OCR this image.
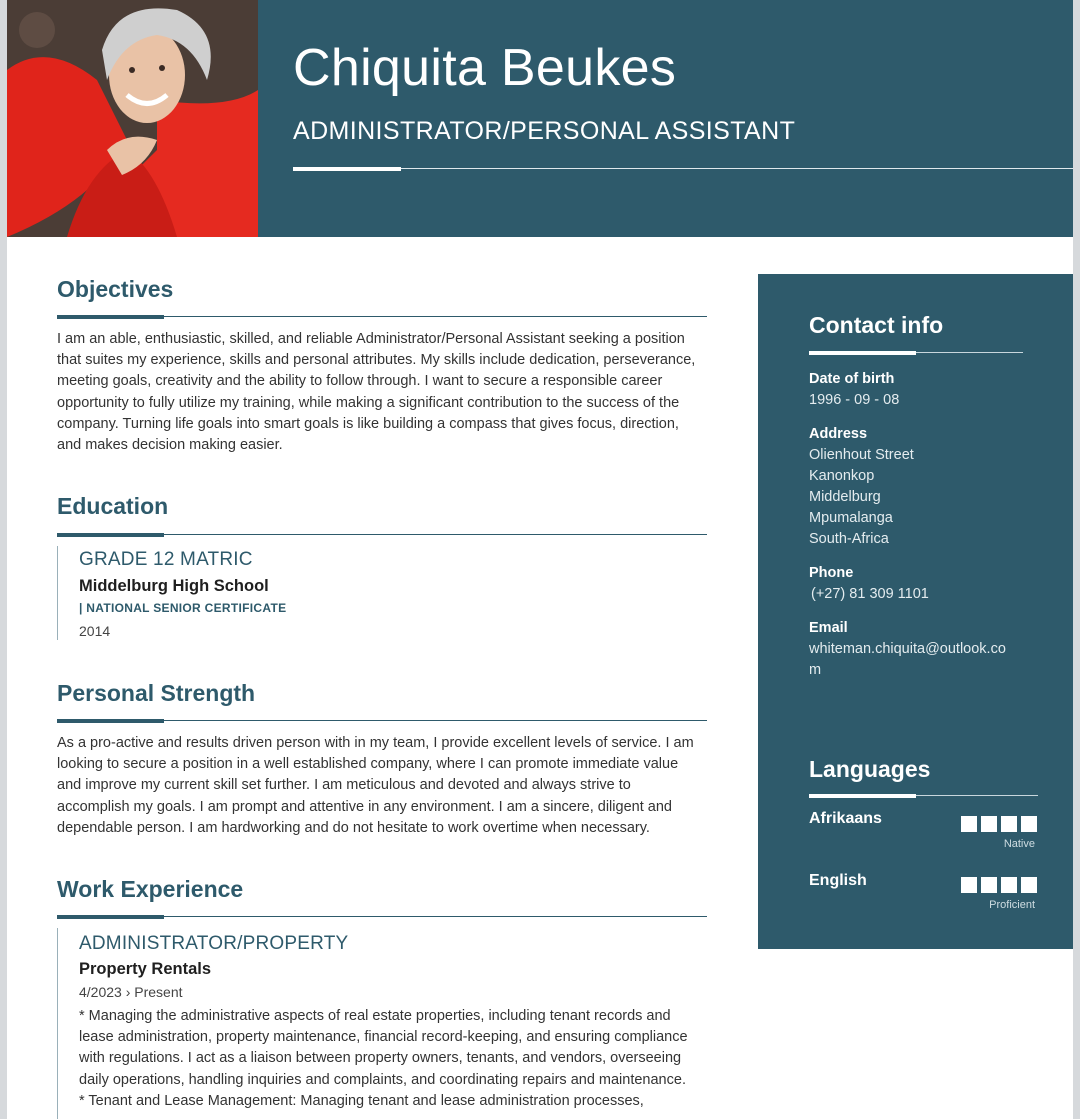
Chiquita Beukes
ADMINISTRATOR/PERSONAL ASSISTANT
Objectives
I am an able, enthusiastic, skilled, and reliable Administrator/Personal Assistant seeking a position
that suites my experience, skills and personal attributes. My skills include dedication, perseverance,
meeting goals, creativity and the ability to follow through. I want to secure a responsible career
opportunity to fully utilize my training, while making a significant contribution to the success of the
company. Turning life goals into smart goals is like building a compass that gives focus, direction,
and makes decision making easier.
Education
GRADE 12 MATRIC
Middelburg High School
| NATIONAL SENIOR CERTIFICATE
2014
Personal Strength
As a pro-active and results driven person with in my team, I provide excellent levels of service. I am
looking to secure a position in a well established company, where I can promote immediate value
and improve my current skill set further. I am meticulous and devoted and always strive to
accomplish my goals. I am prompt and attentive in any environment. I am a sincere, diligent and
dependable person. I am hardworking and do not hesitate to work overtime when necessary.
Work Experience
ADMINISTRATOR/PROPERTY
Property Rentals
4/2023 › Present
* Managing the administrative aspects of real estate properties, including tenant records and
lease administration, property maintenance, financial record-keeping, and ensuring compliance
with regulations. I act as a liaison between property owners, tenants, and vendors, overseeing
daily operations, handling inquiries and complaints, and coordinating repairs and maintenance.
* Tenant and Lease Management: Managing tenant and lease administration processes,
Contact info
Date of birth
1996 - 09 - 08
Address
Olienhout Street
Kanonkop
Middelburg
Mpumalanga
South-Africa
Phone
(+27) 81 309 1101
Email
whiteman.chiquita@outlook.co
m
Languages
Afrikaans
Native
English
Proficient
